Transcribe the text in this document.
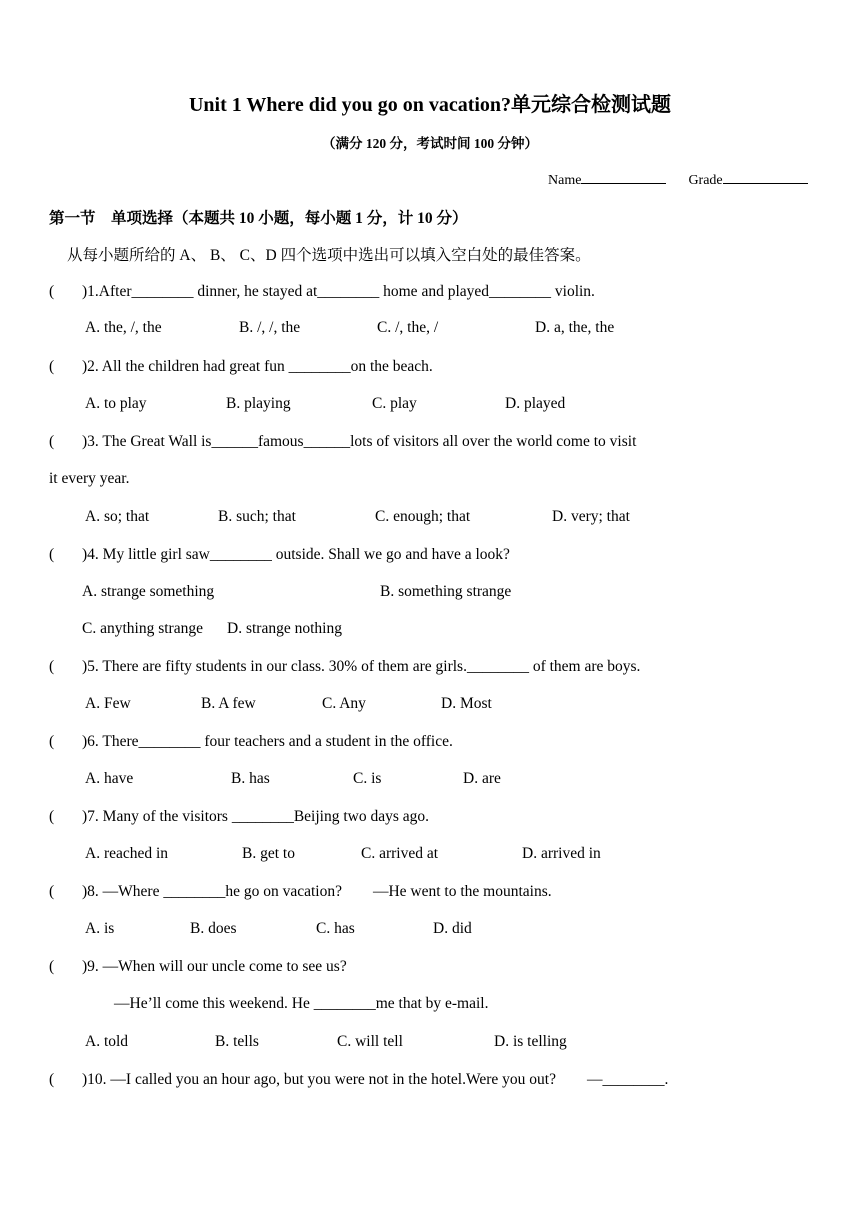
Unit 1 Where did you go on vacation?单元综合检测试题
（满分 120 分，考试时间 100 分钟）
Name	Grade
第一节　单项选择（本题共 10 小题，每小题 1 分，计 10 分）
从每小题所给的 A、 B、 C、D 四个选项中选出可以填入空白处的最佳答案。
( )1.After________ dinner, he stayed at________ home and played________ violin.
A. the, /, the	B. /, /, the	C. /, the, /	D. a, the, the
( )2. All the children had great fun ________on the beach.
A. to play	B. playing	C. play	D. played
( )3. The Great Wall is______famous______lots of visitors all over the world come to visit
it every year.
A. so; that	B. such; that	C. enough; that	D. very; that
( )4. My little girl saw________ outside. Shall we go and have a look?
A. strange something	B. something strange
C. anything strange D. strange nothing
( )5. There are fifty students in our class. 30% of them are girls.________ of them are boys.
A. Few	B. A few	C. Any	D. Most
( )6. There________ four teachers and a student in the office.
A. have	B. has	C. is	D. are
( )7. Many of the visitors ________Beijing two days ago.
A. reached in	B. get to	C. arrived at	D. arrived in
( )8. —Where ________he go on vacation?　　—He went to the mountains.
A. is	B. does	C. has	D. did
( )9. —When will our uncle come to see us?
—He’ll come this weekend. He ________me that by e-mail.
A. told	B. tells	C. will tell	D. is telling
( )10. —I called you an hour ago, but you were not in the hotel.Were you out?　　—________.
